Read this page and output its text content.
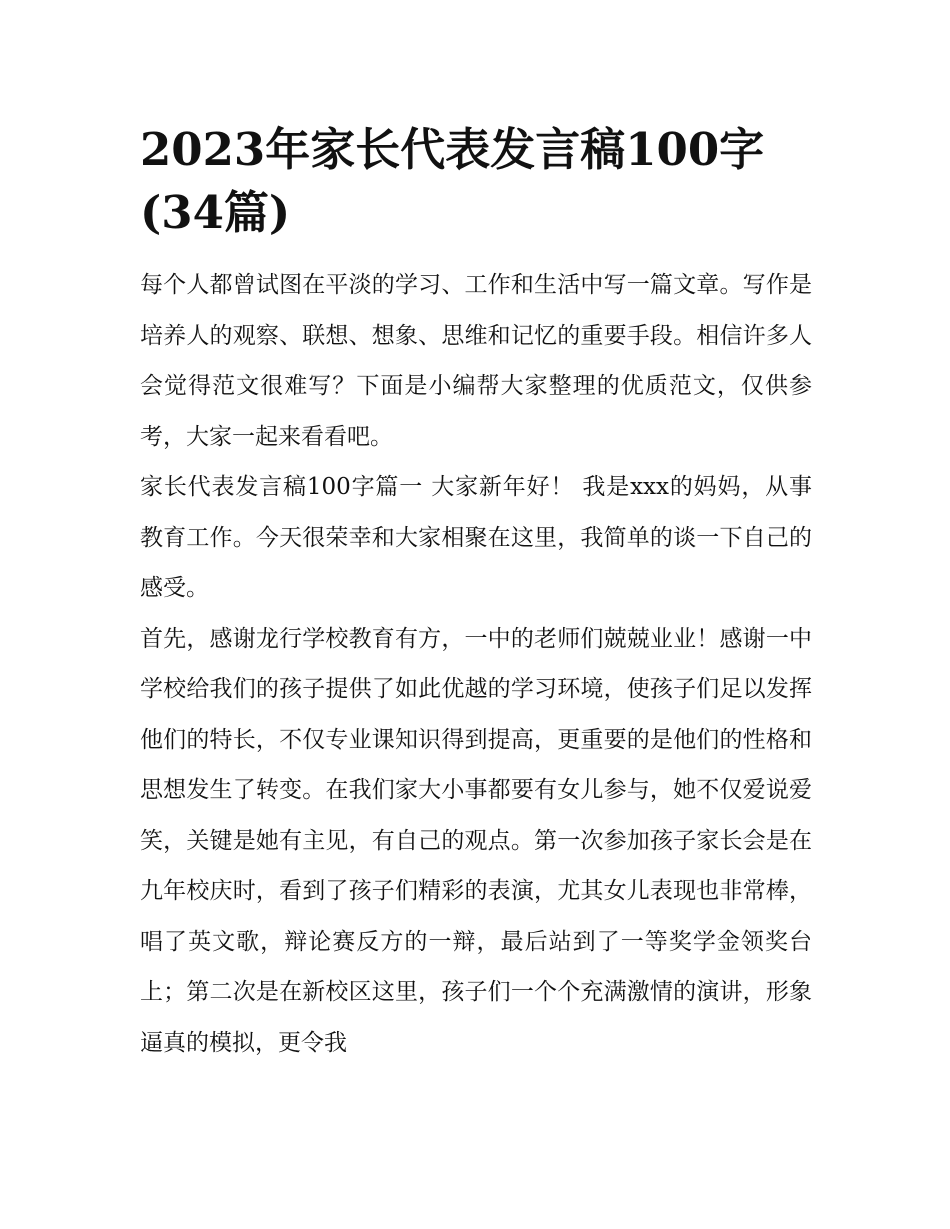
2023年家长代表发言稿100字(34篇)

每个人都曾试图在平淡的学习、工作和生活中写一篇文章。写作是培养人的观察、联想、想象、思维和记忆的重要手段。相信许多人会觉得范文很难写？下面是小编帮大家整理的优质范文，仅供参考，大家一起来看看吧。

家长代表发言稿100字篇一 大家新年好！ 我是xxx的妈妈，从事教育工作。今天很荣幸和大家相聚在这里，我简单的谈一下自己的感受。

首先，感谢龙行学校教育有方，一中的老师们兢兢业业！感谢一中学校给我们的孩子提供了如此优越的学习环境，使孩子们足以发挥他们的特长，不仅专业课知识得到提高，更重要的是他们的性格和思想发生了转变。在我们家大小事都要有女儿参与，她不仅爱说爱笑，关键是她有主见，有自己的观点。第一次参加孩子家长会是在九年校庆时，看到了孩子们精彩的表演，尤其女儿表现也非常棒，唱了英文歌，辩论赛反方的一辩，最后站到了一等奖学金领奖台上；第二次是在新校区这里，孩子们一个个充满激情的演讲，形象逼真的模拟，更令我
